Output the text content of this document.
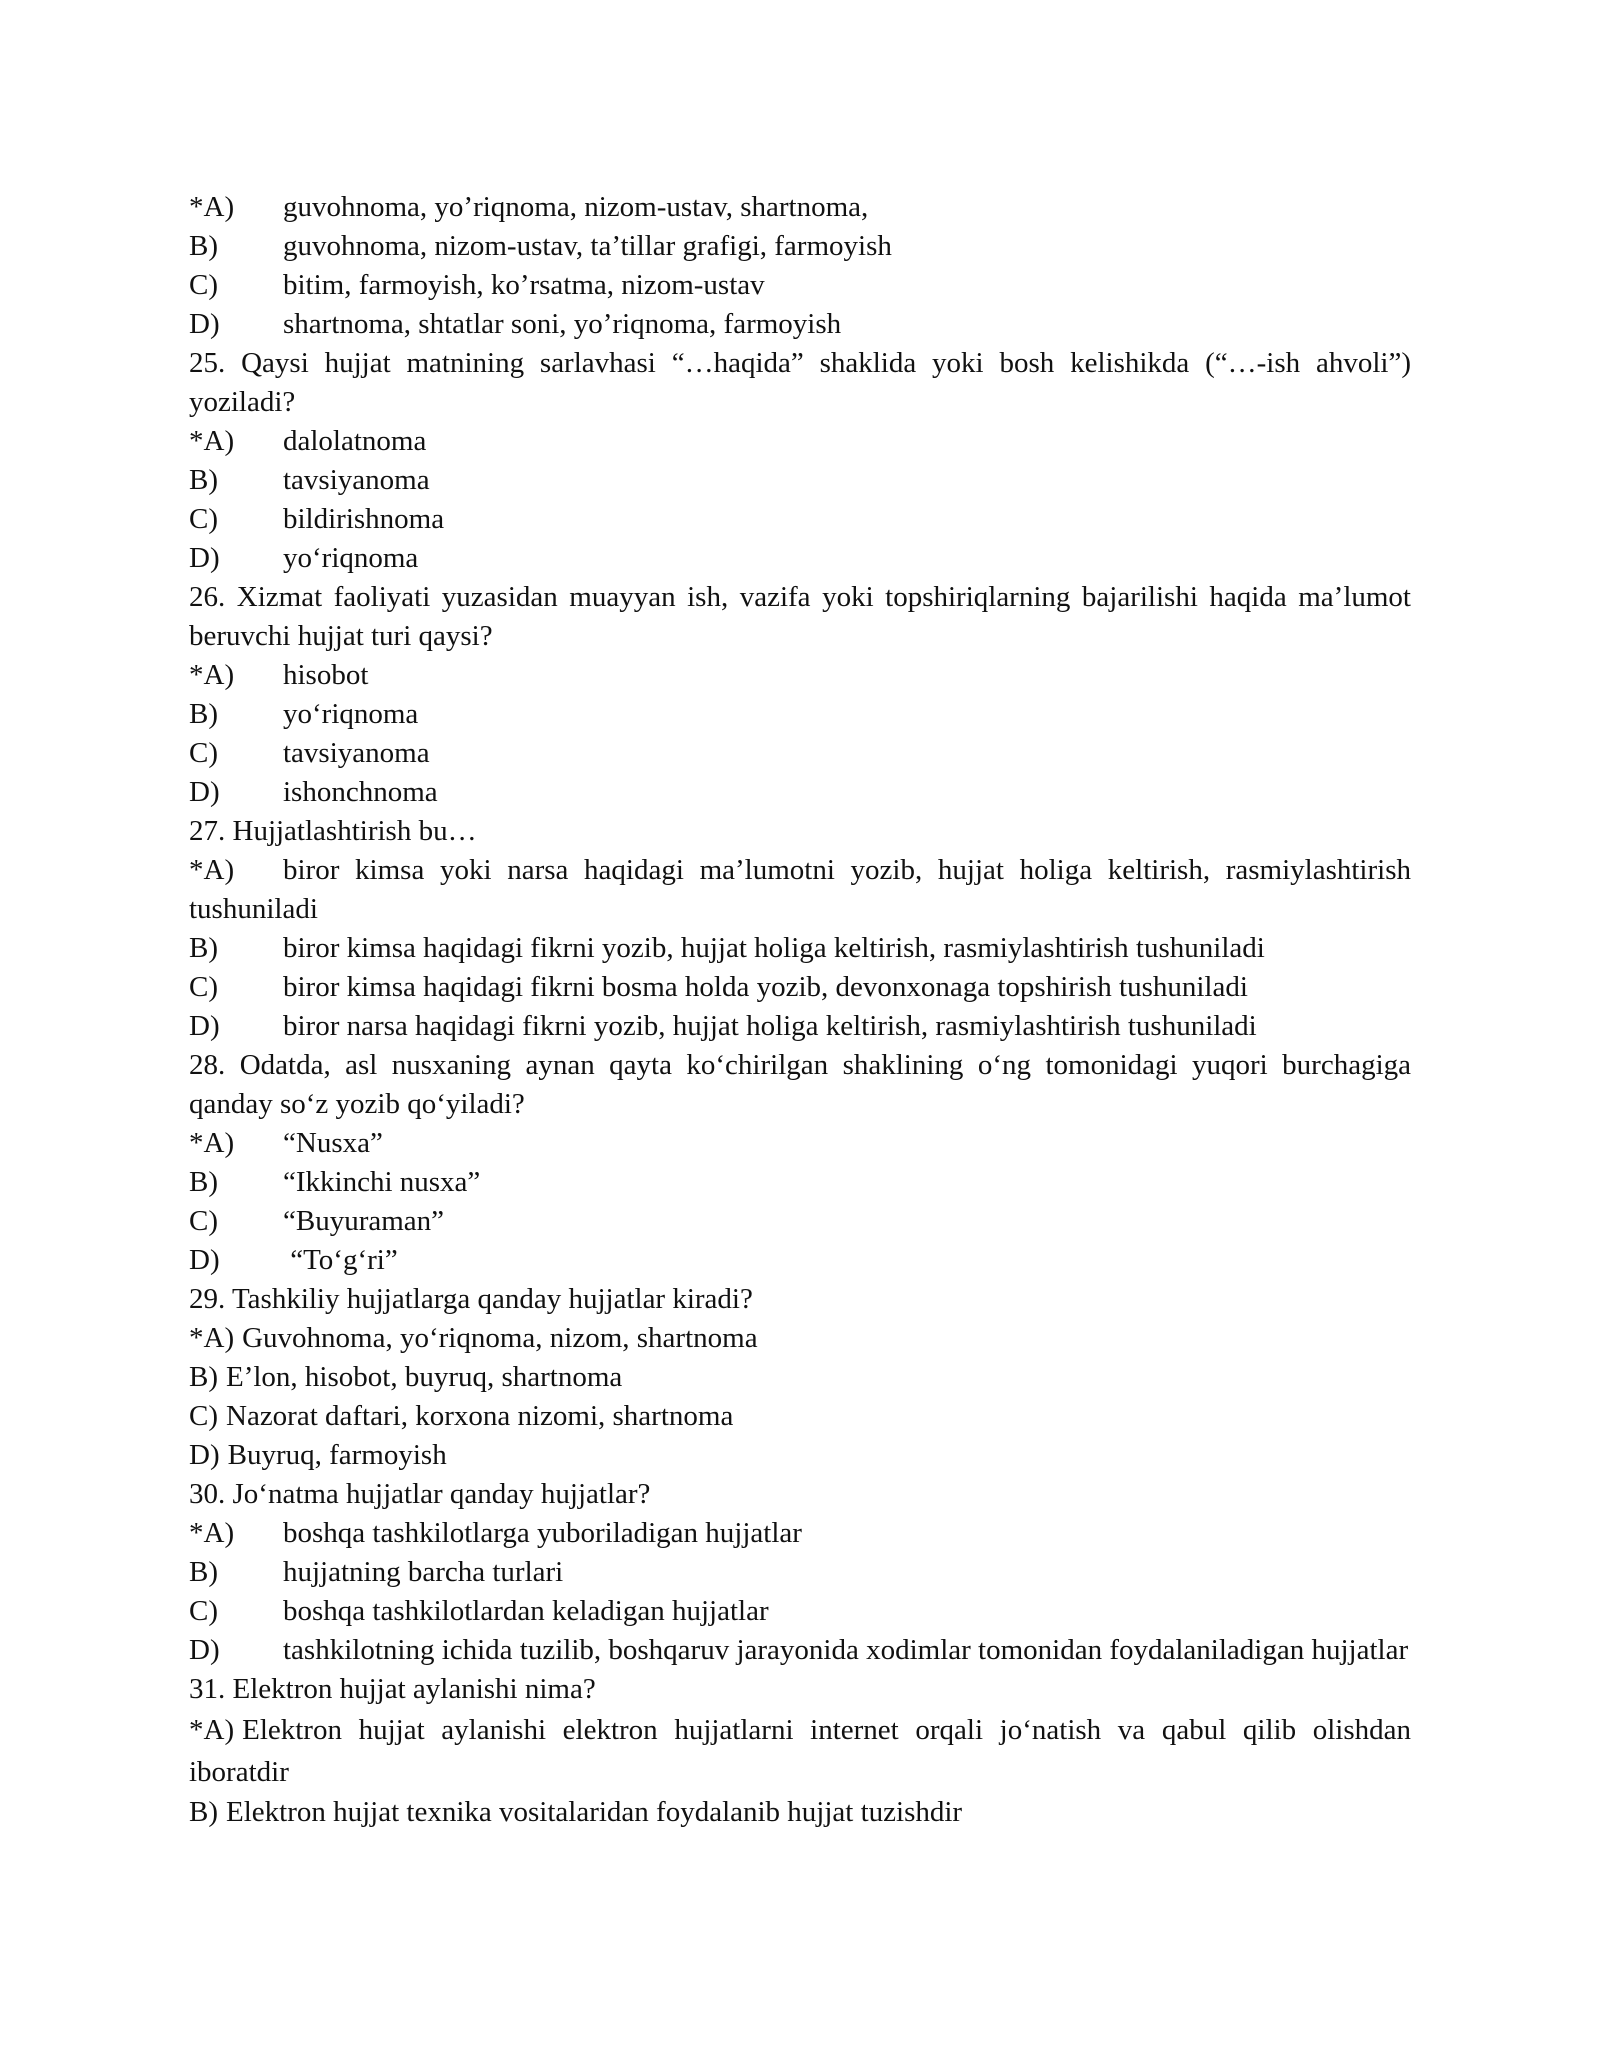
*A)	guvohnoma, yo’riqnoma, nizom-ustav, shartnoma,
B)	guvohnoma, nizom-ustav, ta’tillar grafigi, farmoyish
C)	bitim, farmoyish, ko’rsatma, nizom-ustav
D)	shartnoma, shtatlar soni, yo’riqnoma, farmoyish
25. Qaysi hujjat matnining sarlavhasi “…haqida” shaklida yoki bosh kelishikda (“…-ish ahvoli”) yoziladi?
*A)	dalolatnoma
B)	tavsiyanoma
C)	bildirishnoma
D)	yo‘riqnoma
26. Xizmat faoliyati yuzasidan muayyan ish, vazifa yoki topshiriqlarning bajarilishi haqida ma’lumot beruvchi hujjat turi qaysi?
*A)	hisobot
B)	yo‘riqnoma
C)	tavsiyanoma
D)	ishonchnoma
27. Hujjatlashtirish bu…
*A) biror kimsa yoki narsa haqidagi ma’lumotni yozib, hujjat holiga keltirish, rasmiylashtirish tushuniladi
B)	biror kimsa haqidagi fikrni yozib, hujjat holiga keltirish, rasmiylashtirish tushuniladi
C)	biror kimsa haqidagi fikrni bosma holda yozib, devonxonaga topshirish tushuniladi
D)	biror narsa haqidagi fikrni yozib, hujjat holiga keltirish, rasmiylashtirish tushuniladi
28. Odatda, asl nusxaning aynan qayta ko‘chirilgan shaklining o‘ng tomonidagi yuqori burchagiga qanday so‘z yozib qo‘yiladi?
*A)	“Nusxa”
B)	“Ikkinchi nusxa”
C)	“Buyuraman”
D)	“To‘g‘ri”
29. Tashkiliy hujjatlarga qanday hujjatlar kiradi?
*A) Guvohnoma, yo‘riqnoma, nizom, shartnoma
B) E’lon, hisobot, buyruq, shartnoma
C) Nazorat daftari, korxona nizomi, shartnoma
D) Buyruq, farmoyish
30. Jo‘natma hujjatlar qanday hujjatlar?
*A)	boshqa tashkilotlarga yuboriladigan hujjatlar
B)	hujjatning barcha turlari
C)	boshqa tashkilotlardan keladigan hujjatlar
D) tashkilotning ichida tuzilib, boshqaruv jarayonida xodimlar tomonidan foydalaniladigan hujjatlar
31. Elektron hujjat aylanishi nima?
*A) Elektron hujjat aylanishi elektron hujjatlarni internet orqali jo‘natish va qabul qilib olishdan iboratdir
B) Elektron hujjat texnika vositalaridan foydalanib hujjat tuzishdir
